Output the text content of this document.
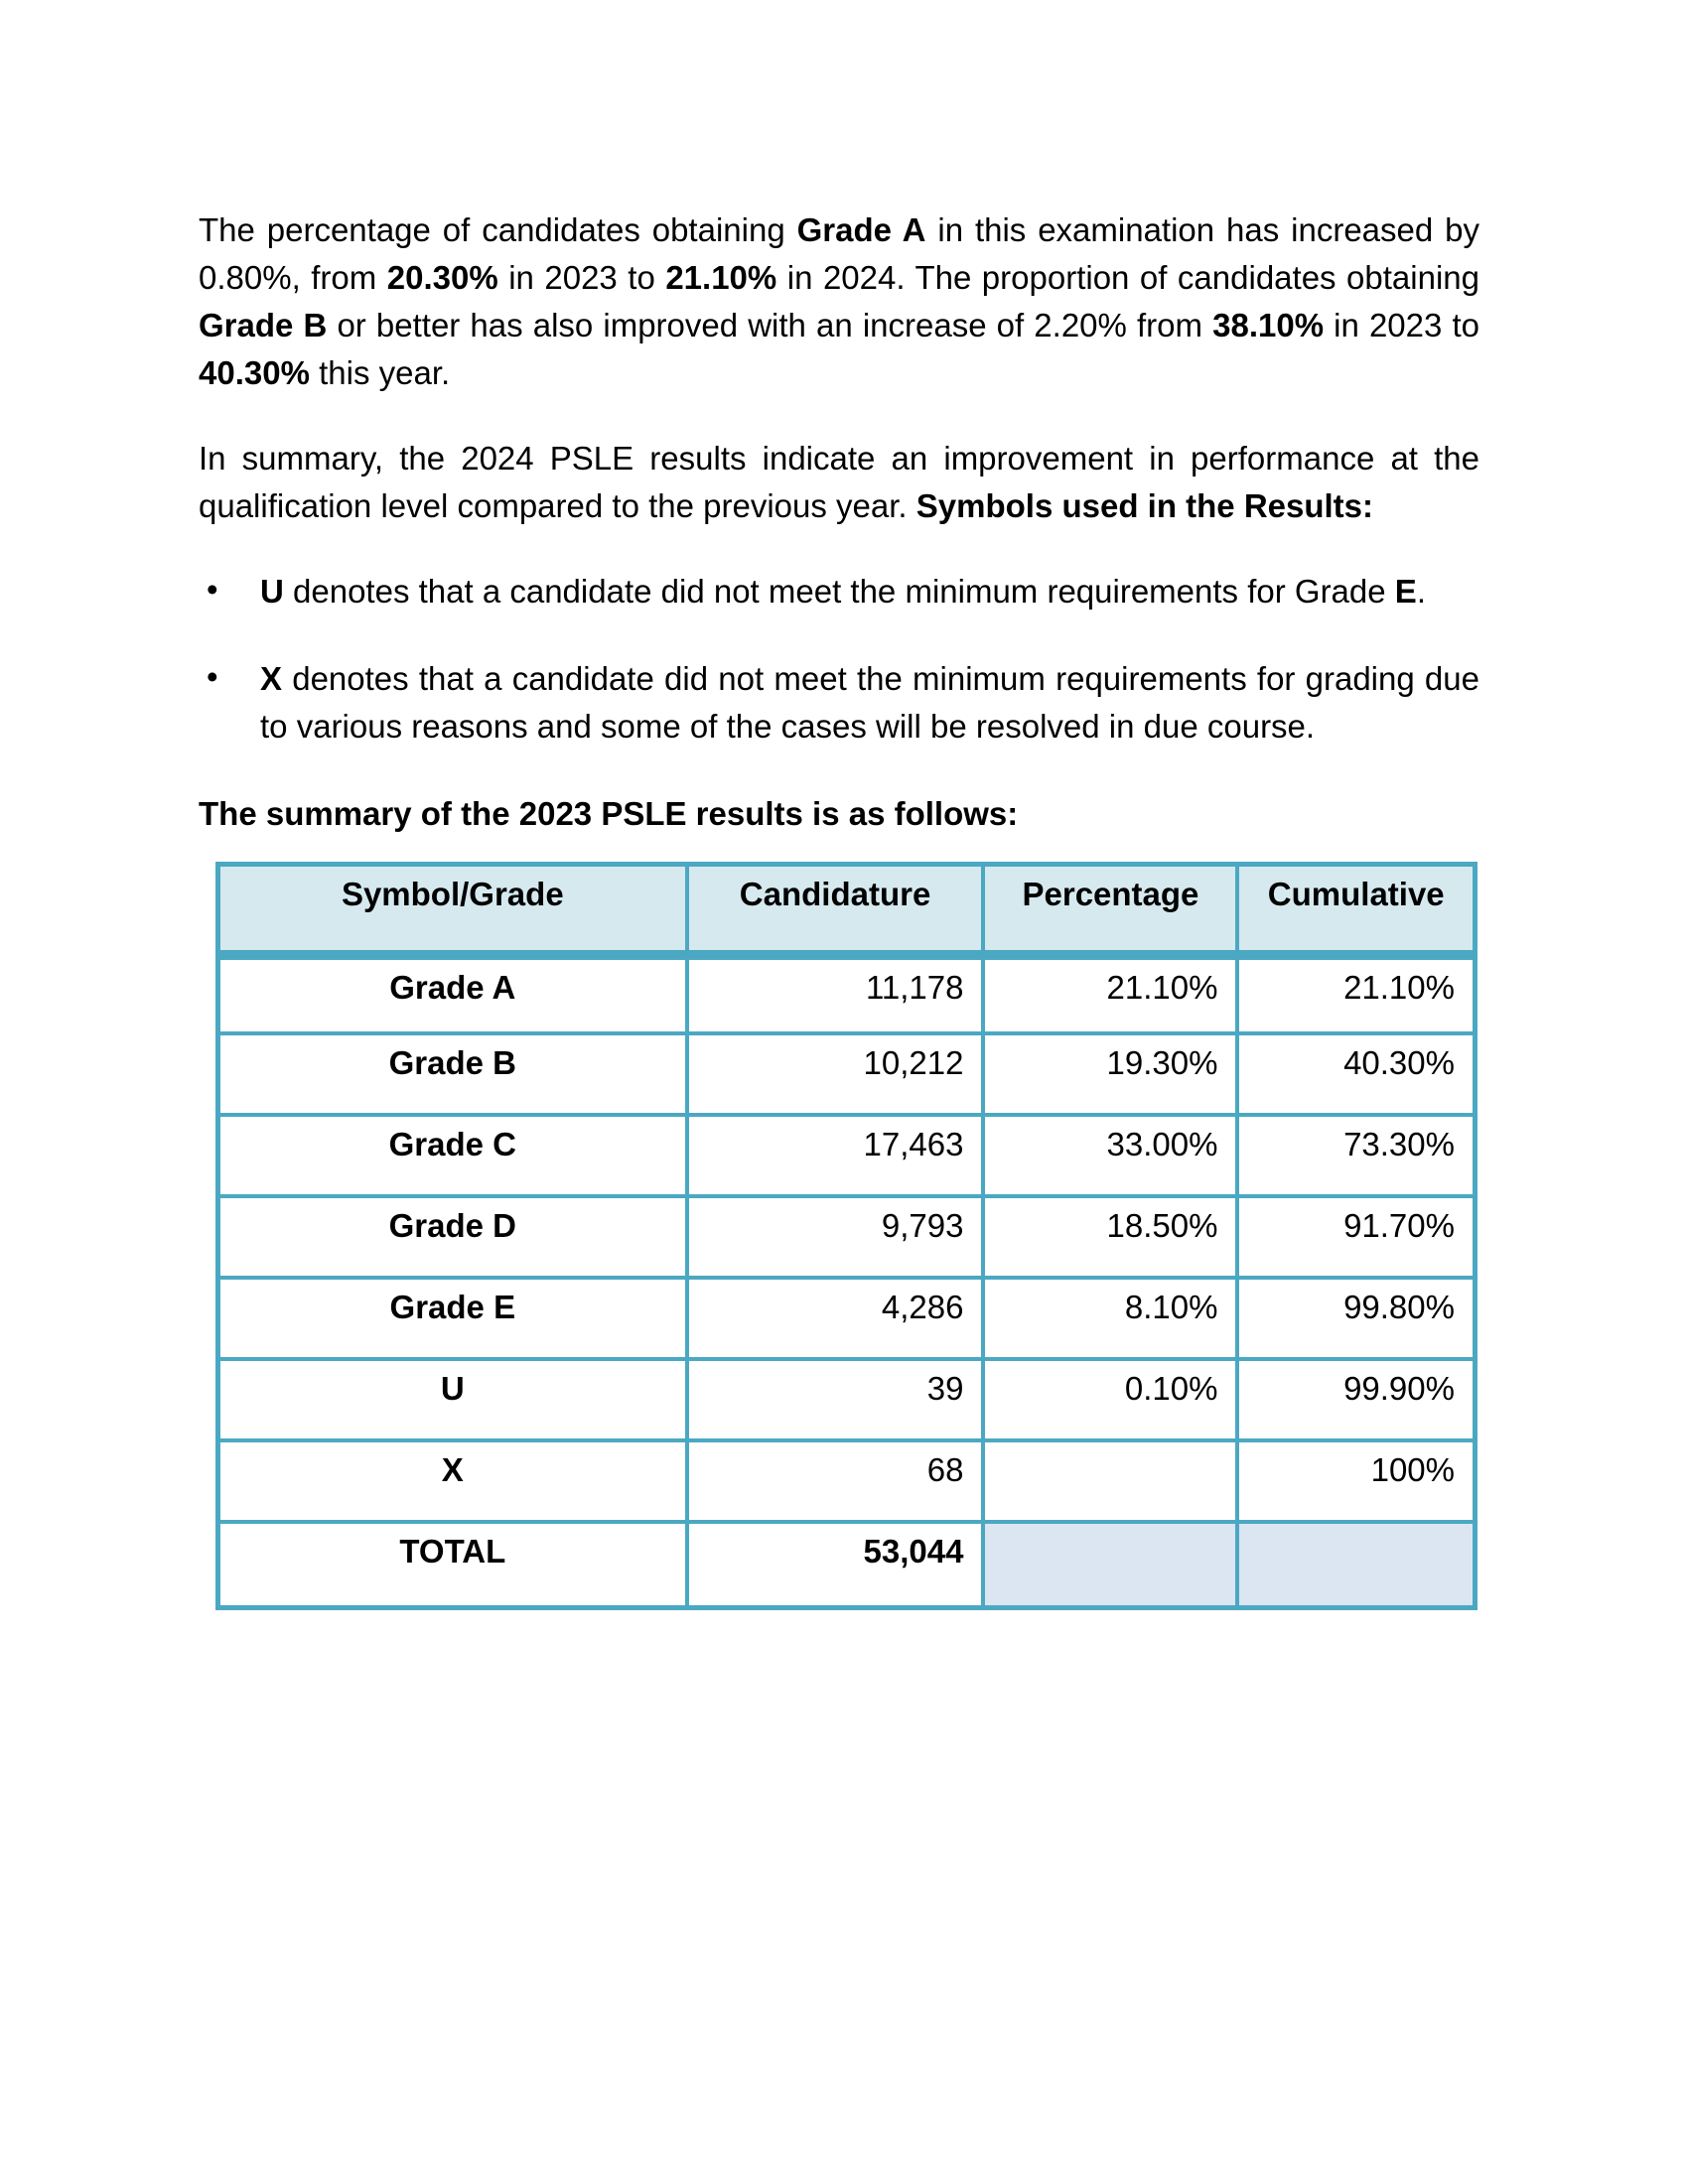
The percentage of candidates obtaining Grade A in this examination has increased by 0.80%, from 20.30% in 2023 to 21.10% in 2024. The proportion of candidates obtaining Grade B or better has also improved with an increase of 2.20% from 38.10% in 2023 to 40.30% this year.

In summary, the 2024 PSLE results indicate an improvement in performance at the qualification level compared to the previous year. Symbols used in the Results:

• U denotes that a candidate did not meet the minimum requirements for Grade E.
• X denotes that a candidate did not meet the minimum requirements for grading due to various reasons and some of the cases will be resolved in due course.

The summary of the 2023 PSLE results is as follows:

Symbol/Grade	Candidature	Percentage	Cumulative
Grade A	11,178	21.10%	21.10%
Grade B	10,212	19.30%	40.30%
Grade C	17,463	33.00%	73.30%
Grade D	9,793	18.50%	91.70%
Grade E	4,286	8.10%	99.80%
U	39	0.10%	99.90%
X	68		100%
TOTAL	53,044		
